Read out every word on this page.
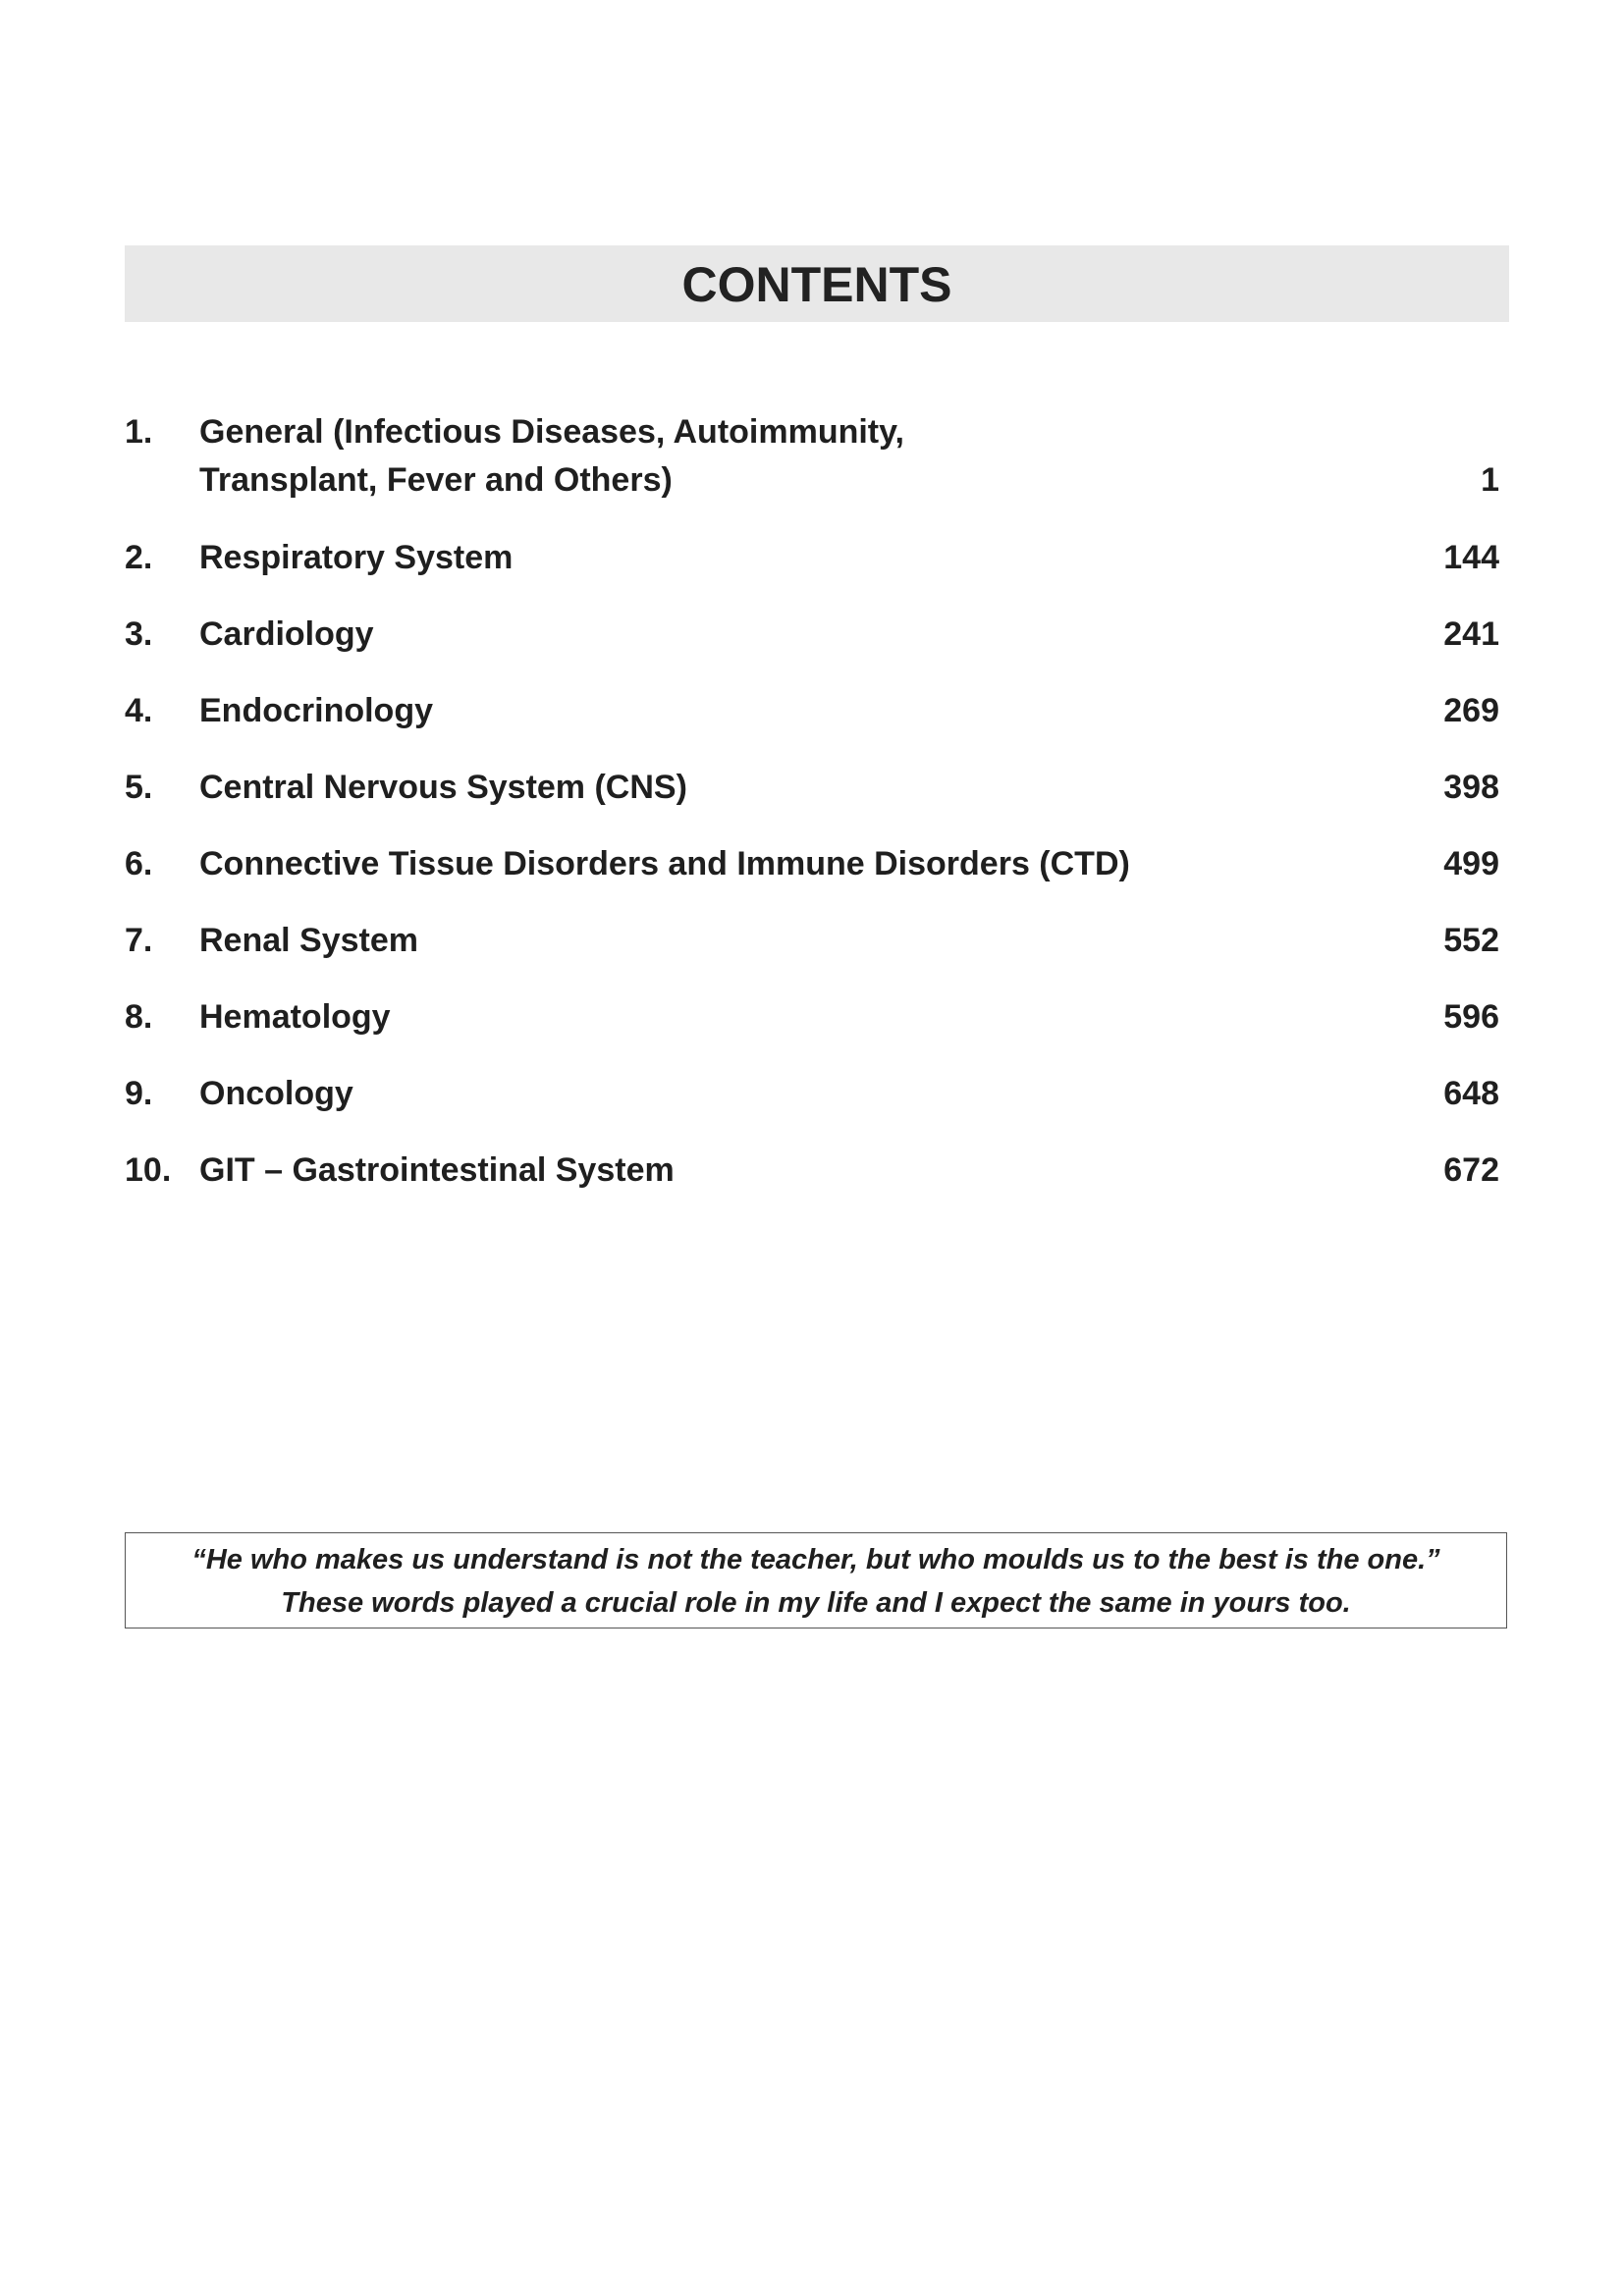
CONTENTS
1. General (Infectious Diseases, Autoimmunity,
Transplant, Fever and Others)	1
2. Respiratory System	144
3. Cardiology	241
4. Endocrinology	269
5. Central Nervous System (CNS)	398
6. Connective Tissue Disorders and Immune Disorders (CTD)	499
7. Renal System	552
8. Hematology	596
9. Oncology	648
10. GIT – Gastrointestinal System	672
“He who makes us understand is not the teacher, but who moulds us to the best is the one.”
These words played a crucial role in my life and I expect the same in yours too.
